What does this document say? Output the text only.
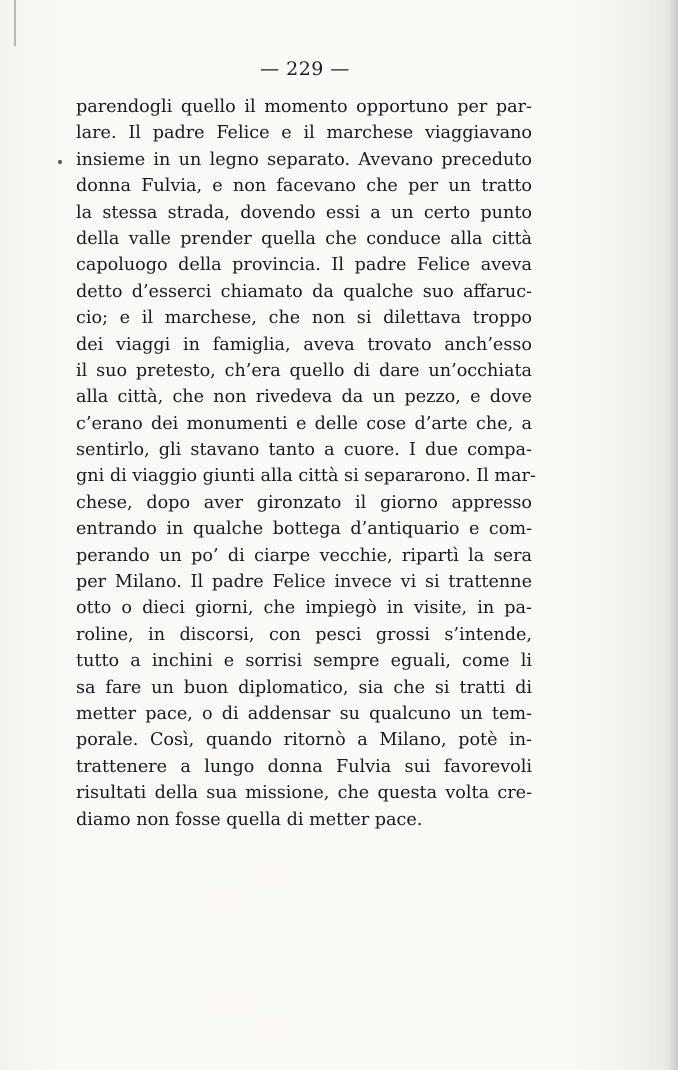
— 229 —
parendogli quello il momento opportuno per par-
lare. Il padre Felice e il marchese viaggiavano
insieme in un legno separato. Avevano preceduto
donna Fulvia, e non facevano che per un tratto
la stessa strada, dovendo essi a un certo punto
della valle prender quella che conduce alla città
capoluogo della provincia. Il padre Felice aveva
detto d’esserci chiamato da qualche suo affaruc-
cio; e il marchese, che non si dilettava troppo
dei viaggi in famiglia, aveva trovato anch’esso
il suo pretesto, ch’era quello di dare un’occhiata
alla città, che non rivedeva da un pezzo, e dove
c’erano dei monumenti e delle cose d’arte che, a
sentirlo, gli stavano tanto a cuore. I due compa-
gni di viaggio giunti alla città si separarono. Il mar-
chese, dopo aver gironzato il giorno appresso
entrando in qualche bottega d’antiquario e com-
perando un po’ di ciarpe vecchie, ripartì la sera
per Milano. Il padre Felice invece vi si trattenne
otto o dieci giorni, che impiegò in visite, in pa-
roline, in discorsi, con pesci grossi s’intende,
tutto a inchini e sorrisi sempre eguali, come li
sa fare un buon diplomatico, sia che si tratti di
metter pace, o di addensar su qualcuno un tem-
porale. Così, quando ritornò a Milano, potè in-
trattenere a lungo donna Fulvia sui favorevoli
risultati della sua missione, che questa volta cre-
diamo non fosse quella di metter pace.
